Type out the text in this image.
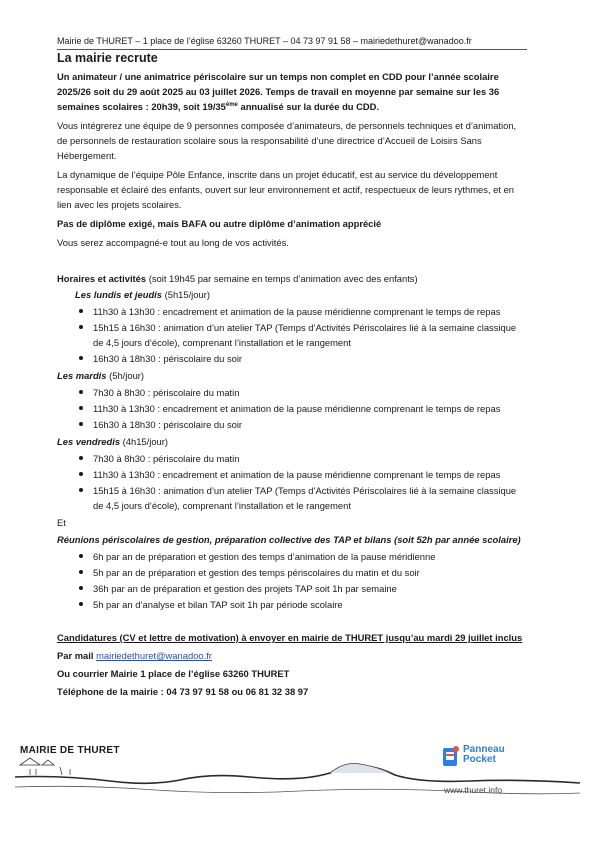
Mairie de THURET – 1 place de l’église 63260 THURET – 04 73 97 91 58 – mairiedethuret@wanadoo.fr
La mairie recrute

Un animateur / une animatrice périscolaire sur un temps non complet en CDD pour l’année scolaire 2025/26 soit du 29 août 2025 au 03 juillet 2026. Temps de travail en moyenne par semaine sur les 36 semaines scolaires : 20h39, soit 19/35ème annualisé sur la durée du CDD.

Vous intégrerez une équipe de 9 personnes composée d’animateurs, de personnels techniques et d’animation, de personnels de restauration scolaire sous la responsabilité d’une directrice d’Accueil de Loisirs Sans Hébergement.

La dynamique de l’équipe Pôle Enfance, inscrite dans un projet éducatif, est au service du développement responsable et éclairé des enfants, ouvert sur leur environnement et actif, respectueux de leurs rythmes, et en lien avec les projets scolaires.

Pas de diplôme exigé, mais BAFA ou autre diplôme d’animation apprécié

Vous serez accompagné-e tout au long de vos activités.

Horaires et activités (soit 19h45 par semaine en temps d’animation avec des enfants)

Les lundis et jeudis (5h15/jour)

11h30 à 13h30 : encadrement et animation de la pause méridienne comprenant le temps de repas
15h15 à 16h30 : animation d’un atelier TAP (Temps d’Activités Périscolaires lié à la semaine classique de 4,5 jours d’école), comprenant l’installation et le rangement
16h30 à 18h30 : périscolaire du soir

Les mardis (5h/jour)

7h30 à 8h30 : périscolaire du matin
11h30 à 13h30 : encadrement et animation de la pause méridienne comprenant le temps de repas
16h30 à 18h30 : périscolaire du soir

Les vendredis (4h15/jour)

7h30 à 8h30 : périscolaire du matin
11h30 à 13h30 : encadrement et animation de la pause méridienne comprenant le temps de repas
15h15 à 16h30 : animation d’un atelier TAP (Temps d’Activités Périscolaires lié à la semaine classique de 4,5 jours d’école), comprenant l’installation et le rangement

Et

Réunions périscolaires de gestion, préparation collective des TAP et bilans (soit 52h par année scolaire)

6h par an de préparation et gestion des temps d’animation de la pause méridienne
5h par an de préparation et gestion des temps périscolaires du matin et du soir
36h par an de préparation et gestion des projets TAP soit 1h par semaine
5h par an d’analyse et bilan TAP soit 1h par période scolaire

Candidatures (CV et lettre de motivation) à envoyer en mairie de THURET jusqu’au mardi 29 juillet inclus

Par mail mairiedethuret@wanadoo.fr

Ou courrier Mairie 1 place de l’église 63260 THURET

Téléphone de la mairie : 04 73 97 91 58 ou 06 81 32 38 97

MAIRIE DE THURET	Panneau
Pocket
www.thuret.info
